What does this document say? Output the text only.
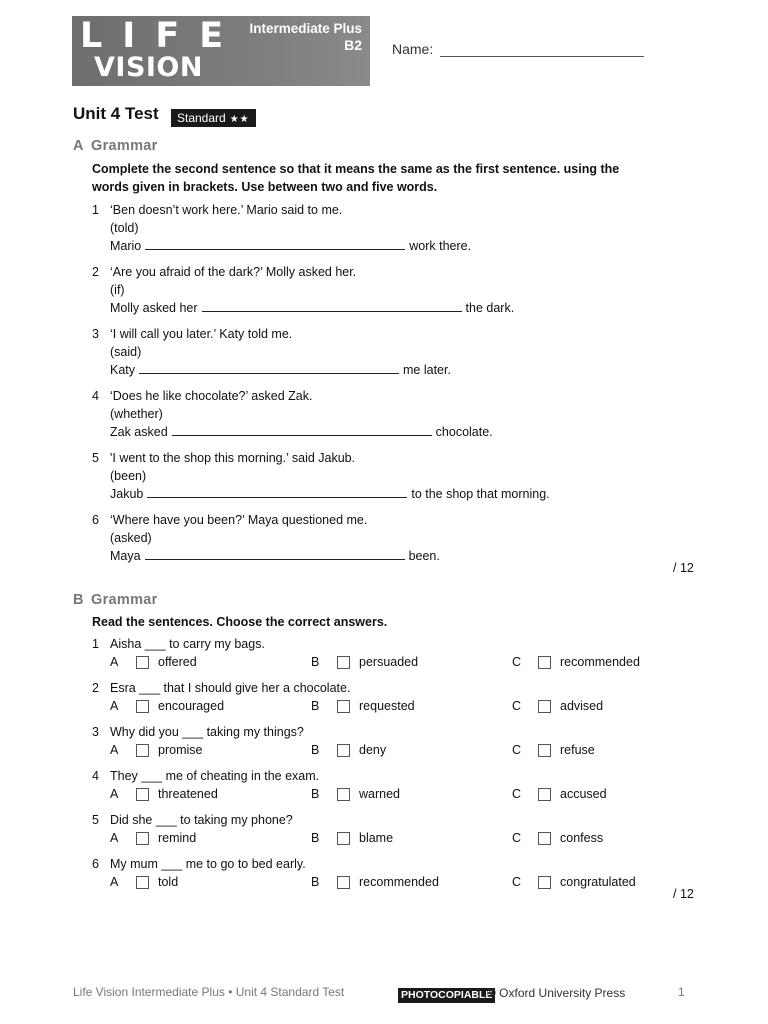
LIFE
VISION
Intermediate Plus
B2 Name:
Unit 4 Test	Standard ★★
A Grammar
Complete the second sentence so that it means the same as the first sentence. using the words given in brackets. Use between two and five words.
1 ‘Ben doesn’t work here.’ Mario said to me.
(told)
Mario	work there.
2 ‘Are you afraid of the dark?’ Molly asked her.
(if)
Molly asked her	the dark.
3 ‘I will call you later.’ Katy told me.
(said)
Katy	me later.
4 ‘Does he like chocolate?’ asked Zak.
(whether)
Zak asked	chocolate.
5 'I went to the shop this morning.’ said Jakub.
(been)
Jakub	to the shop that morning.
6 ‘Where have you been?’ Maya questioned me.
(asked)
Maya	been.
/ 12
B Grammar
Read the sentences. Choose the correct answers.
1 Aisha ___ to carry my bags.
A	offered	B	persuaded	C	recommended
2 Esra ___ that I should give her a chocolate.
A	encouraged	B	requested	C	advised
3 Why did you ___ taking my things?
A	promise	B	deny	C	refuse
4 They ___ me of cheating in the exam.
A	threatened	B	warned	C	accused
5 Did she ___ to taking my phone?
A	remind	B	blame	C	confess
6 My mum ___ me to go to bed early.
A	told	B	recommended	C	congratulated
/ 12
Life Vision Intermediate Plus • Unit 4 Standard Test	PHOTOCOPIABLE
© Oxford University Press	1
